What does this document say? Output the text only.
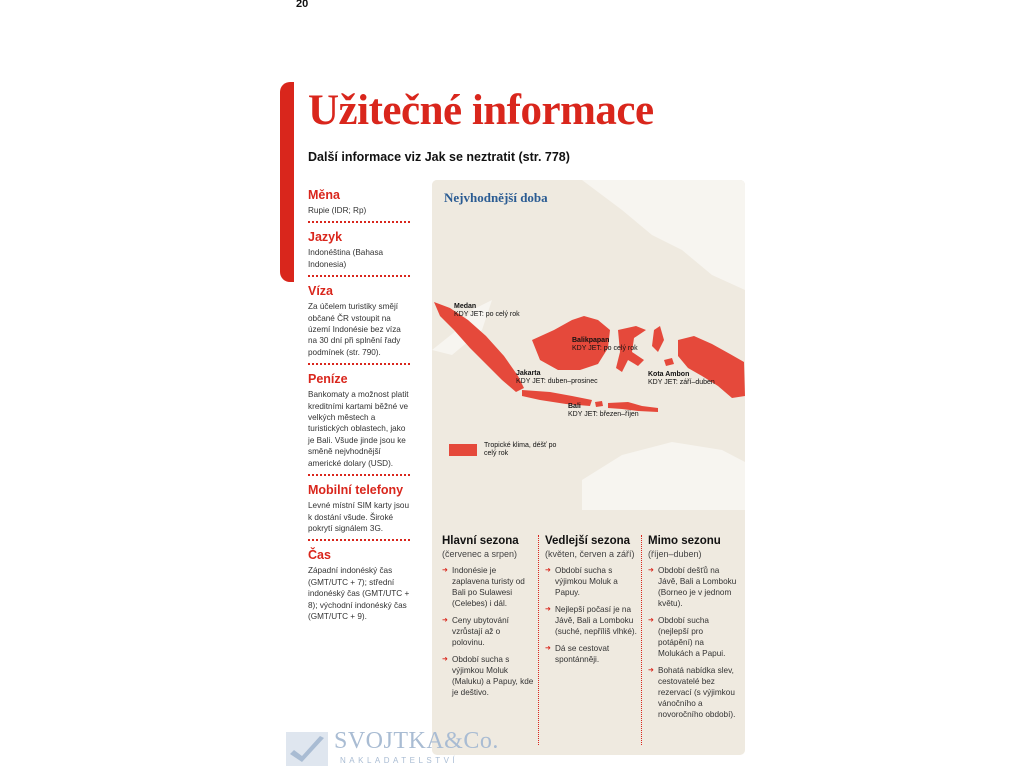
20
Užitečné informace
Další informace viz Jak se neztratit (str. 778)
Měna

Rupie (IDR; Rp)

Jazyk

Indonéština (Bahasa Indonesia)

Víza

Za účelem turistiky smějí občané ČR vstoupit na území Indonésie bez víza na 30 dní při splnění řady podmínek (str. 790).

Peníze

Bankomaty a možnost platit kreditními kartami běžné ve velkých městech a turistických oblastech, jako je Bali. Všude jinde jsou ke směně nejvhodnější americké dolary (USD).

Mobilní telefony

Levné místní SIM karty jsou k dostání všude. Široké pokrytí signálem 3G.

Čas

Západní indonéský čas (GMT/UTC + 7); střední indonéský čas (GMT/UTC + 8); východní indonéský čas (GMT/UTC + 9).

Nejvhodnější doba
Medan
KDY JET: po celý rok
Balikpapan
KDY JET: po celý rok
Jakarta
KDY JET: duben–prosinec
Kota Ambon
KDY JET: září–duben
Bali
KDY JET: březen–říjen
Tropické klima, déšť po celý rok
Hlavní sezona
(červenec a srpen)
➜ Indonésie je zaplavena turisty od Bali po Sulawesi (Celebes) i dál.
➜ Ceny ubytování vzrůstají až o polovinu.
➜ Období sucha s výjimkou Moluk (Maluku) a Papuy, kde je deštivo.
Vedlejší sezona
(květen, červen a září)
➜ Období sucha s výjimkou Moluk a Papuy.
➜ Nejlepší počasí je na Jávě, Bali a Lomboku (suché, nepříliš vlhké).
➜ Dá se cestovat spontánněji.
Mimo sezonu
(říjen–duben)
➜ Období dešťů na Jávě, Bali a Lomboku (Borneo je v jednom květu).
➜ Období sucha (nejlepší pro potápění) na Molukách a Papui.
➜ Bohatá nabídka slev, cestovatelé bez rezervací (s výjimkou vánočního a novoročního období).
SVOJTKA&Co.
NAKLADATELSTVÍ
